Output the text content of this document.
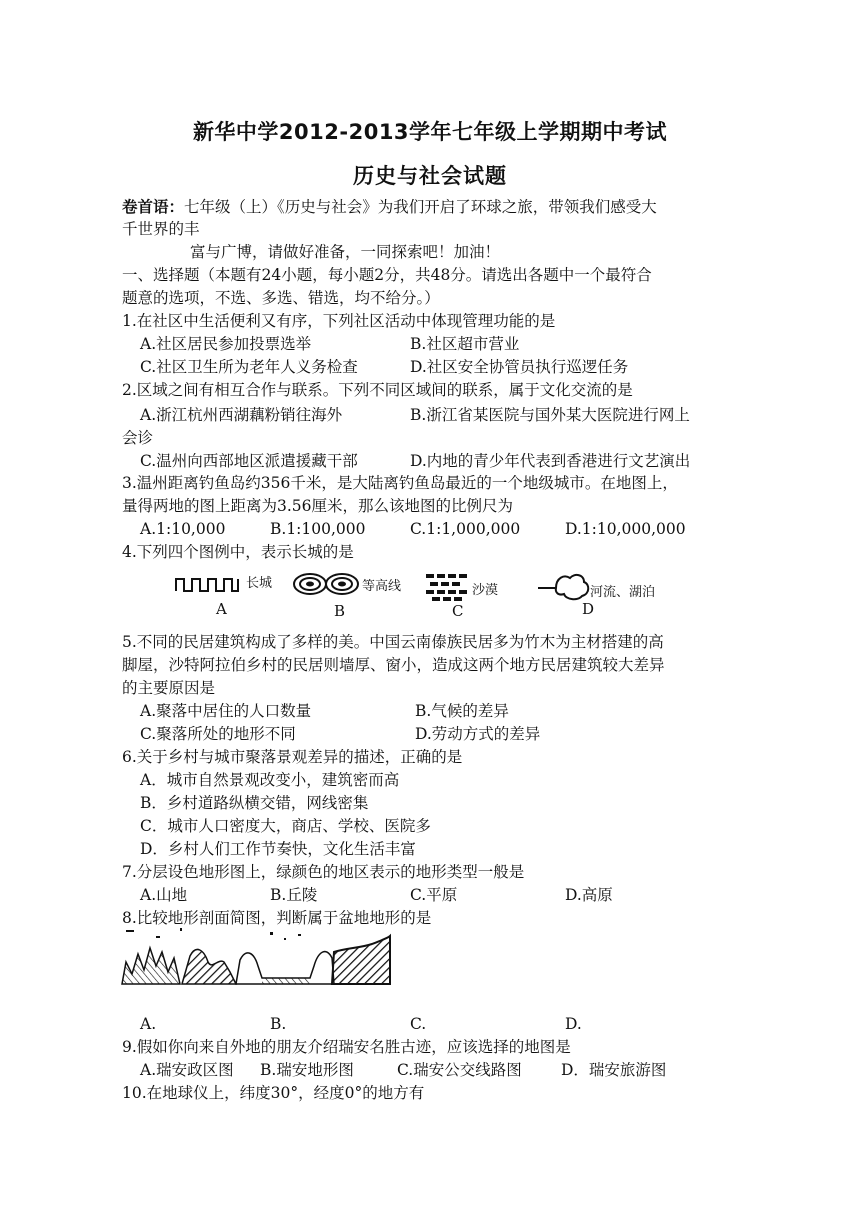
新华中学2012-2013学年七年级上学期期中考试
历史与社会试题
卷首语：七年级（上）《历史与社会》为我们开启了环球之旅，带领我们感受大
千世界的丰
富与广博，请做好准备，一同探索吧！加油！
一、选择题（本题有24小题，每小题2分，共48分。请选出各题中一个最符合
题意的选项，不选、多选、错选，均不给分。）
1.在社区中生活便利又有序，下列社区活动中体现管理功能的是
A.社区居民参加投票选举	B.社区超市营业
C.社区卫生所为老年人义务检查	D.社区安全协管员执行巡逻任务
2.区域之间有相互合作与联系。下列不同区域间的联系，属于文化交流的是
A.浙江杭州西湖藕粉销往海外	B.浙江省某医院与国外某大医院进行网上
会诊
C.温州向西部地区派遣援藏干部	D.内地的青少年代表到香港进行文艺演出
3.温州距离钓鱼岛约356千米，是大陆离钓鱼岛最近的一个地级城市。在地图上，
量得两地的图上距离为3.56厘米，那么该地图的比例尺为
A.1:10,000	B.1:100,000	C.1:1,000,000	D.1:10,000,000
4.下列四个图例中，表示长城的是
长城
A
等高线
B
沙漠
C
河流、湖泊
D
5.不同的民居建筑构成了多样的美。中国云南傣族民居多为竹木为主材搭建的高
脚屋，沙特阿拉伯乡村的民居则墙厚、窗小，造成这两个地方民居建筑较大差异
的主要原因是
A.聚落中居住的人口数量	B.气候的差异
C.聚落所处的地形不同	D.劳动方式的差异
6.关于乡村与城市聚落景观差异的描述，正确的是
A．城市自然景观改变小，建筑密而高
B．乡村道路纵横交错，网线密集
C．城市人口密度大，商店、学校、医院多
D．乡村人们工作节奏快，文化生活丰富
7.分层设色地形图上，绿颜色的地区表示的地形类型一般是
A.山地	B.丘陵	C.平原	D.高原
8.比较地形剖面简图，判断属于盆地地形的是
A.	B.	C.	D.
9.假如你向来自外地的朋友介绍瑞安名胜古迹，应该选择的地图是
A.瑞安政区图 B.瑞安地形图	C.瑞安公交线路图	D．瑞安旅游图
10.在地球仪上，纬度30°，经度0°的地方有
